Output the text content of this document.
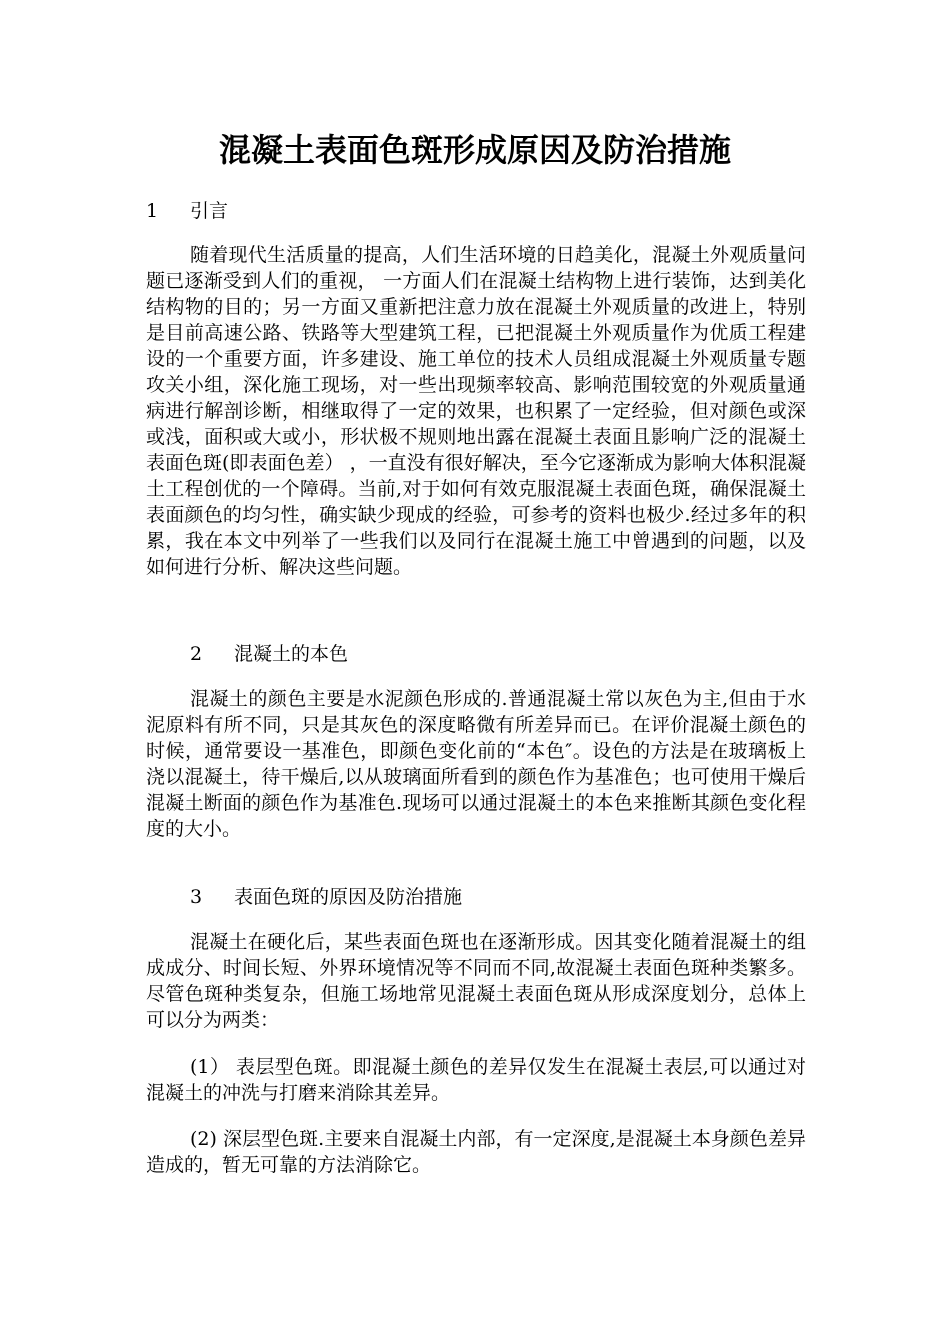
混凝土表面色斑形成原因及防治措施
1 引言

随着现代生活质量的提高，人们生活环境的日趋美化，混凝土外观质量问题已逐渐受到人们的重视， 一方面人们在混凝土结构物上进行装饰，达到美化结构物的目的；另一方面又重新把注意力放在混凝土外观质量的改进上，特别是目前高速公路、铁路等大型建筑工程，已把混凝土外观质量作为优质工程建设的一个重要方面，许多建设、施工单位的技术人员组成混凝土外观质量专题攻关小组，深化施工现场，对一些出现频率较高、影响范围较宽的外观质量通病进行解剖诊断，相继取得了一定的效果，也积累了一定经验，但对颜色或深或浅，面积或大或小，形状极不规则地出露在混凝土表面且影响广泛的混凝土表面色斑(即表面色差） ，一直没有很好解决，至今它逐渐成为影响大体积混凝土工程创优的一个障碍。当前,对于如何有效克服混凝土表面色斑，确保混凝土表面颜色的均匀性，确实缺少现成的经验，可参考的资料也极少.经过多年的积累，我在本文中列举了一些我们以及同行在混凝土施工中曾遇到的问题，以及如何进行分析、解决这些问题。

2 混凝土的本色

混凝土的颜色主要是水泥颜色形成的.普通混凝土常以灰色为主,但由于水泥原料有所不同，只是其灰色的深度略微有所差异而已。在评价混凝土颜色的时候，通常要设一基准色，即颜色变化前的“本色″。设色的方法是在玻璃板上浇以混凝土，待干燥后,以从玻璃面所看到的颜色作为基准色；也可使用干燥后混凝土断面的颜色作为基准色.现场可以通过混凝土的本色来推断其颜色变化程度的大小。

3 表面色斑的原因及防治措施

混凝土在硬化后，某些表面色斑也在逐渐形成。因其变化随着混凝土的组成成分、时间长短、外界环境情况等不同而不同,故混凝土表面色斑种类繁多。尽管色斑种类复杂，但施工场地常见混凝土表面色斑从形成深度划分，总体上可以分为两类：

(1） 表层型色斑。即混凝土颜色的差异仅发生在混凝土表层,可以通过对混凝土的冲洗与打磨来消除其差异。

(2) 深层型色斑.主要来自混凝土内部，有一定深度,是混凝土本身颜色差异造成的，暂无可靠的方法消除它。
